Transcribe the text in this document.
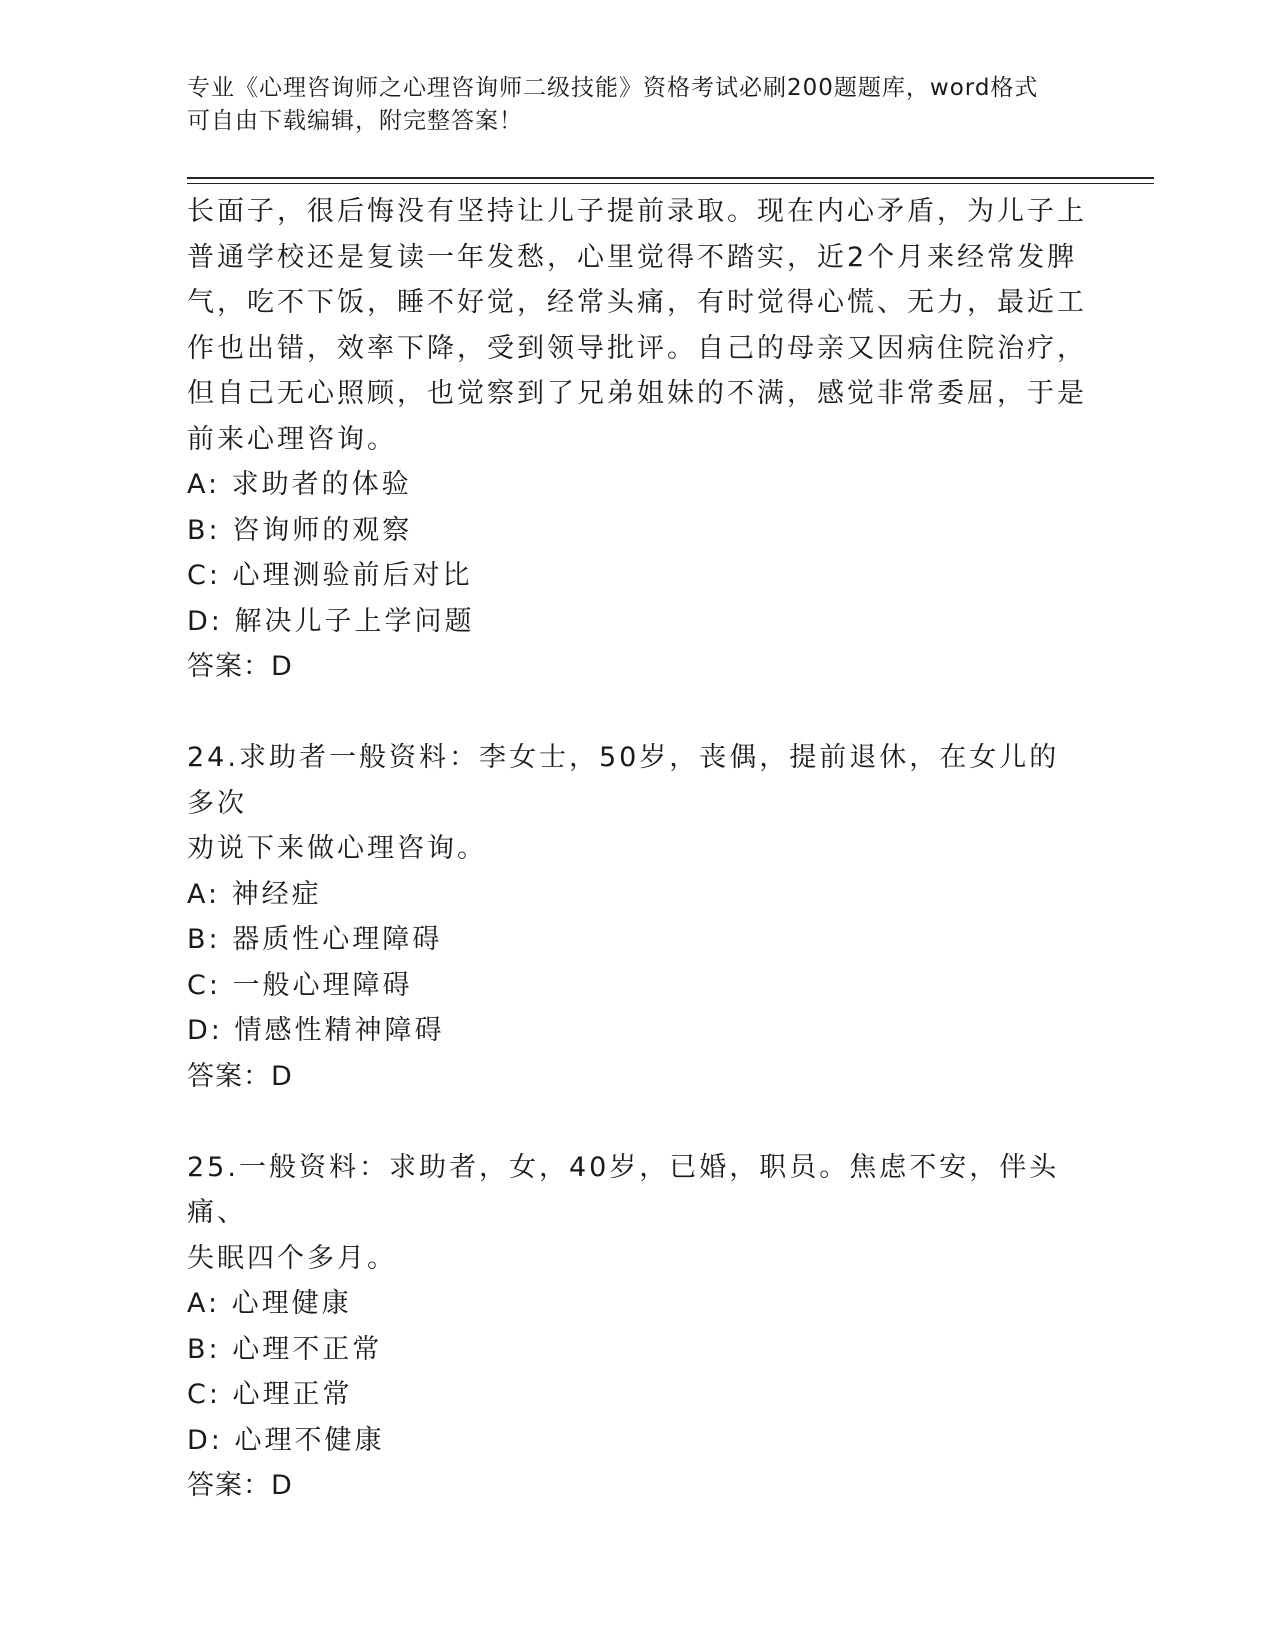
专业《心理咨询师之心理咨询师二级技能》资格考试必刷200题题库，word格式
可自由下载编辑，附完整答案！

长面子，很后悔没有坚持让儿子提前录取。现在内心矛盾，为儿子上

普通学校还是复读一年发愁，心里觉得不踏实，近2个月来经常发脾

气，吃不下饭，睡不好觉，经常头痛，有时觉得心慌、无力，最近工

作也出错，效率下降，受到领导批评。自己的母亲又因病住院治疗，

但自己无心照顾，也觉察到了兄弟姐妹的不满，感觉非常委屈，于是

前来心理咨询。

A: 求助者的体验

B: 咨询师的观察

C: 心理测验前后对比

D: 解决儿子上学问题

答案：D

24.求助者一般资料：李女士，50岁，丧偶，提前退休，在女儿的多次

劝说下来做心理咨询。

A: 神经症

B: 器质性心理障碍

C: 一般心理障碍

D: 情感性精神障碍

答案：D

25.一般资料：求助者，女，40岁，已婚，职员。焦虑不安，伴头痛、

失眠四个多月。

A: 心理健康

B: 心理不正常

C: 心理正常

D: 心理不健康

答案：D
